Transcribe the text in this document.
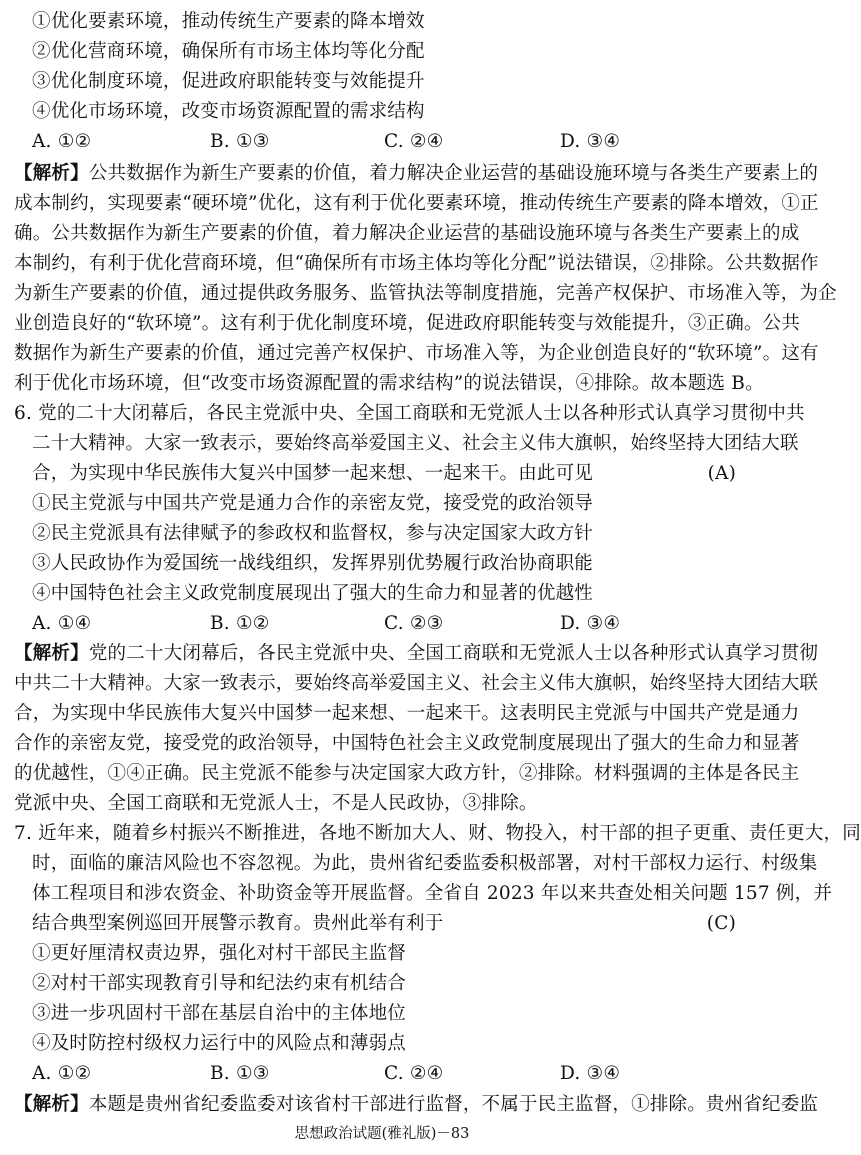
①优化要素环境，推动传统生产要素的降本增效
②优化营商环境，确保所有市场主体均等化分配
③优化制度环境，促进政府职能转变与效能提升
④优化市场环境，改变市场资源配置的需求结构
A. ①②	B. ①③	C. ②④	D. ③④
【解析】公共数据作为新生产要素的价值，着力解决企业运营的基础设施环境与各类生产要素上的
成本制约，实现要素“硬环境”优化，这有利于优化要素环境，推动传统生产要素的降本增效，①正
确。公共数据作为新生产要素的价值，着力解决企业运营的基础设施环境与各类生产要素上的成
本制约，有利于优化营商环境，但“确保所有市场主体均等化分配”说法错误，②排除。公共数据作
为新生产要素的价值，通过提供政务服务、监管执法等制度措施，完善产权保护、市场准入等，为企
业创造良好的“软环境”。这有利于优化制度环境，促进政府职能转变与效能提升，③正确。公共
数据作为新生产要素的价值，通过完善产权保护、市场准入等，为企业创造良好的“软环境”。这有
利于优化市场环境，但“改变市场资源配置的需求结构”的说法错误，④排除。故本题选 B。
6. 党的二十大闭幕后，各民主党派中央、全国工商联和无党派人士以各种形式认真学习贯彻中共
二十大精神。大家一致表示，要始终高举爱国主义、社会主义伟大旗帜，始终坚持大团结大联
合，为实现中华民族伟大复兴中国梦一起来想、一起来干。由此可见	(A)
①民主党派与中国共产党是通力合作的亲密友党，接受党的政治领导
②民主党派具有法律赋予的参政权和监督权，参与决定国家大政方针
③人民政协作为爱国统一战线组织，发挥界别优势履行政治协商职能
④中国特色社会主义政党制度展现出了强大的生命力和显著的优越性
A. ①④	B. ①②	C. ②③	D. ③④
【解析】党的二十大闭幕后，各民主党派中央、全国工商联和无党派人士以各种形式认真学习贯彻
中共二十大精神。大家一致表示，要始终高举爱国主义、社会主义伟大旗帜，始终坚持大团结大联
合，为实现中华民族伟大复兴中国梦一起来想、一起来干。这表明民主党派与中国共产党是通力
合作的亲密友党，接受党的政治领导，中国特色社会主义政党制度展现出了强大的生命力和显著
的优越性，①④正确。民主党派不能参与决定国家大政方针，②排除。材料强调的主体是各民主
党派中央、全国工商联和无党派人士，不是人民政协，③排除。
7. 近年来，随着乡村振兴不断推进，各地不断加大人、财、物投入，村干部的担子更重、责任更大，同
时，面临的廉洁风险也不容忽视。为此，贵州省纪委监委积极部署，对村干部权力运行、村级集
体工程项目和涉农资金、补助资金等开展监督。全省自 2023 年以来共查处相关问题 157 例，并
结合典型案例巡回开展警示教育。贵州此举有利于	(C)
①更好厘清权责边界，强化对村干部民主监督
②对村干部实现教育引导和纪法约束有机结合
③进一步巩固村干部在基层自治中的主体地位
④及时防控村级权力运行中的风险点和薄弱点
A. ①②	B. ①③	C. ②④	D. ③④
【解析】本题是贵州省纪委监委对该省村干部进行监督，不属于民主监督，①排除。贵州省纪委监
思想政治试题(雅礼版)－83
